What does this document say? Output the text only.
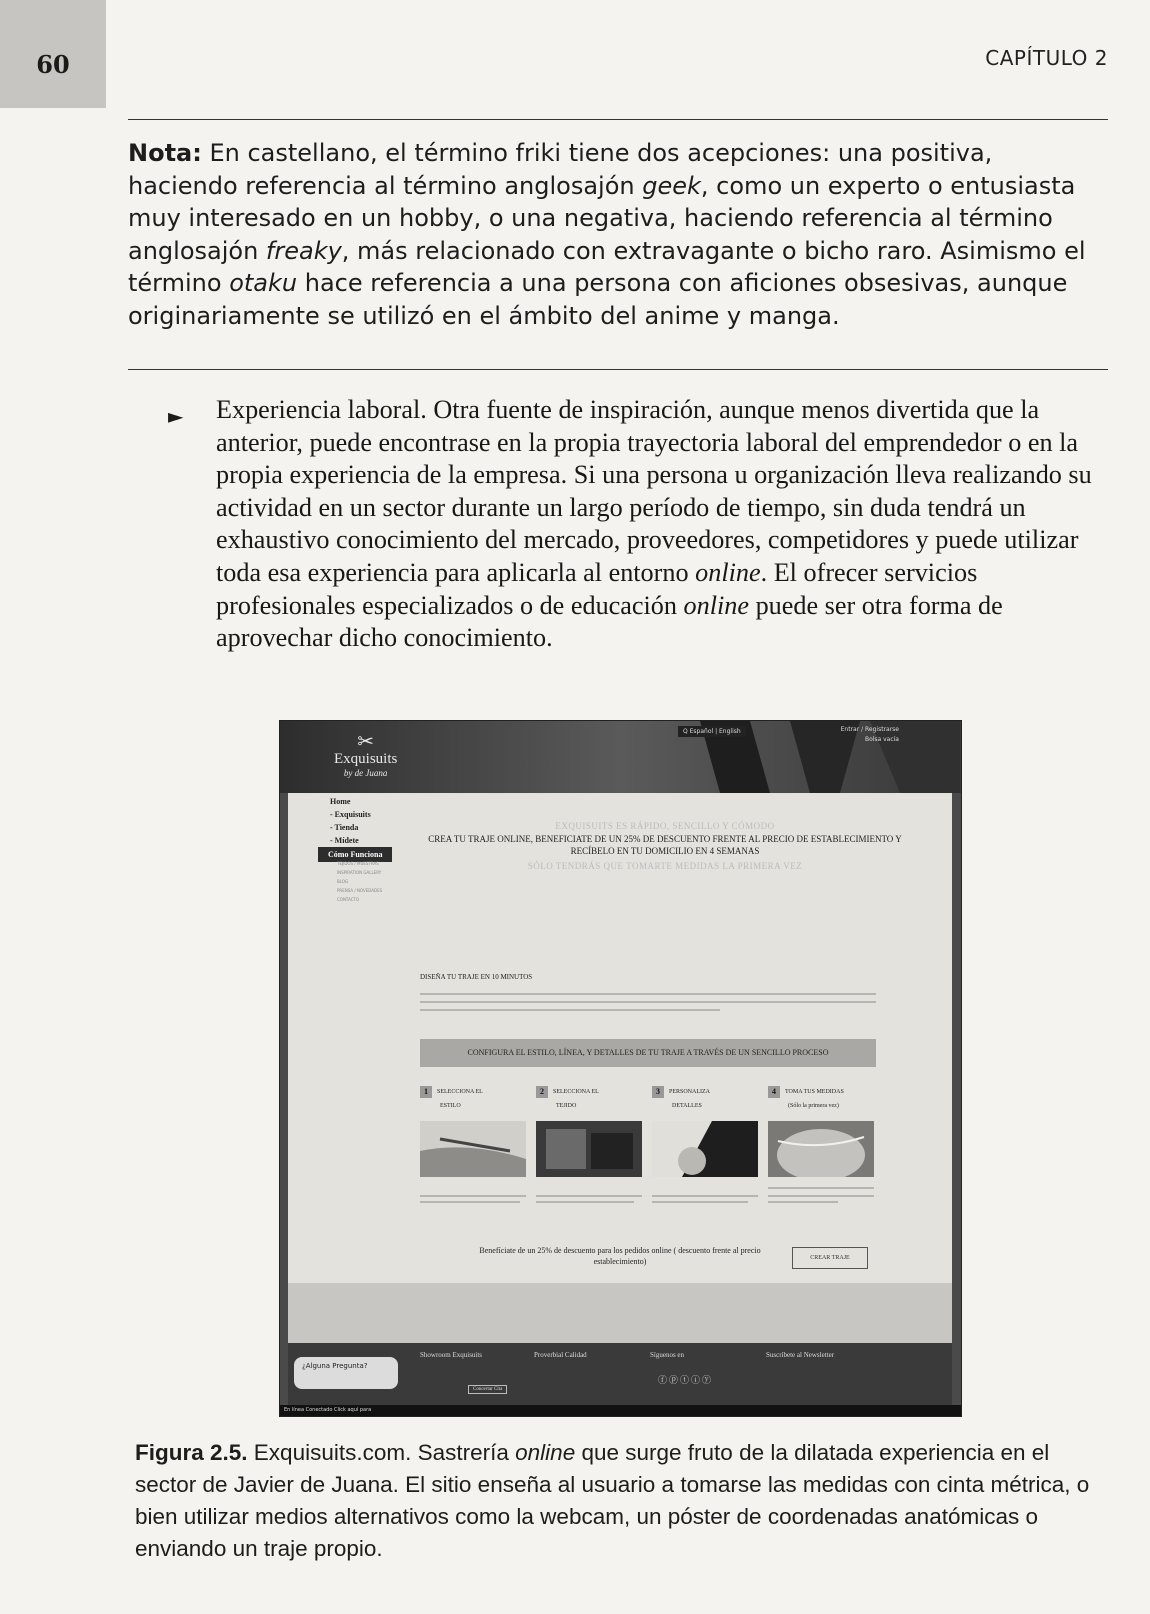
60	CAPÍTULO 2

Nota: En castellano, el término friki tiene dos acepciones: una positiva, haciendo referencia al término anglosajón geek, como un experto o entusiasta muy interesado en un hobby, o una negativa, haciendo referencia al término anglosajón freaky, más relacionado con extravagante o bicho raro. Asimismo el término otaku hace referencia a una persona con aficiones obsesivas, aunque originariamente se utilizó en el ámbito del anime y manga.

► Experiencia laboral. Otra fuente de inspiración, aunque menos divertida que la anterior, puede encontrase en la propia trayectoria laboral del emprendedor o en la propia experiencia de la empresa. Si una persona u organización lleva realizando su actividad en un sector durante un largo período de tiempo, sin duda tendrá un exhaustivo conocimiento del mercado, proveedores, competidores y puede utilizar toda esa experiencia para aplicarla al entorno online. El ofrecer servicios profesionales especializados o de educación online puede ser otra forma de aprovechar dicho conocimiento.

✂
Exquisuits
by de Juana
Q Español | English	Entrar / Registrarse
Bolsa vacía
Home
- Exquisuits
- Tienda
- Mídete
Cómo Funciona
TEJIDOS / MUESTRAS
INSPIRATION GALLERY
BLOG
PRENSA / NOVEDADES
CONTACTO
EXQUISUITS ES RÁPIDO, SENCILLO Y CÓMODO
CREA TU TRAJE ONLINE, BENEFICIATE DE UN 25% DE DESCUENTO FRENTE AL PRECIO DE ESTABLECIMIENTO Y RECÍBELO EN TU DOMICILIO EN 4 SEMANAS
SÓLO TENDRÁS QUE TOMARTE MEDIDAS LA PRIMERA VEZ
DISEÑA TU TRAJE EN 10 MINUTOS
CONFIGURA EL ESTILO, LÍNEA, Y DETALLES DE TU TRAJE A TRAVÉS DE UN SENCILLO PROCESO
1 SELECCIONA EL
ESTILO
2 SELECCIONA EL
TEJIDO
3 PERSONALIZA
DETALLES
4 TOMA TUS MEDIDAS
(Sólo la primera vez)
Benefíciate de un 25% de descuento para los pedidos online ( descuento frente al precio establecimiento)	CREAR TRAJE
Showroom Exquisuits	Proverbial Calidad	Síguenos en	Suscríbete al Newsletter
ⓕⓟⓣⓘⓨ
Concertar Cita
¿Alguna Pregunta?
En línea Conectado Click aquí para

Figura 2.5. Exquisuits.com. Sastrería online que surge fruto de la dilatada experiencia en el sector de Javier de Juana. El sitio enseña al usuario a tomarse las medidas con cinta métrica, o bien utilizar medios alternativos como la webcam, un póster de coordenadas anatómicas o enviando un traje propio.
